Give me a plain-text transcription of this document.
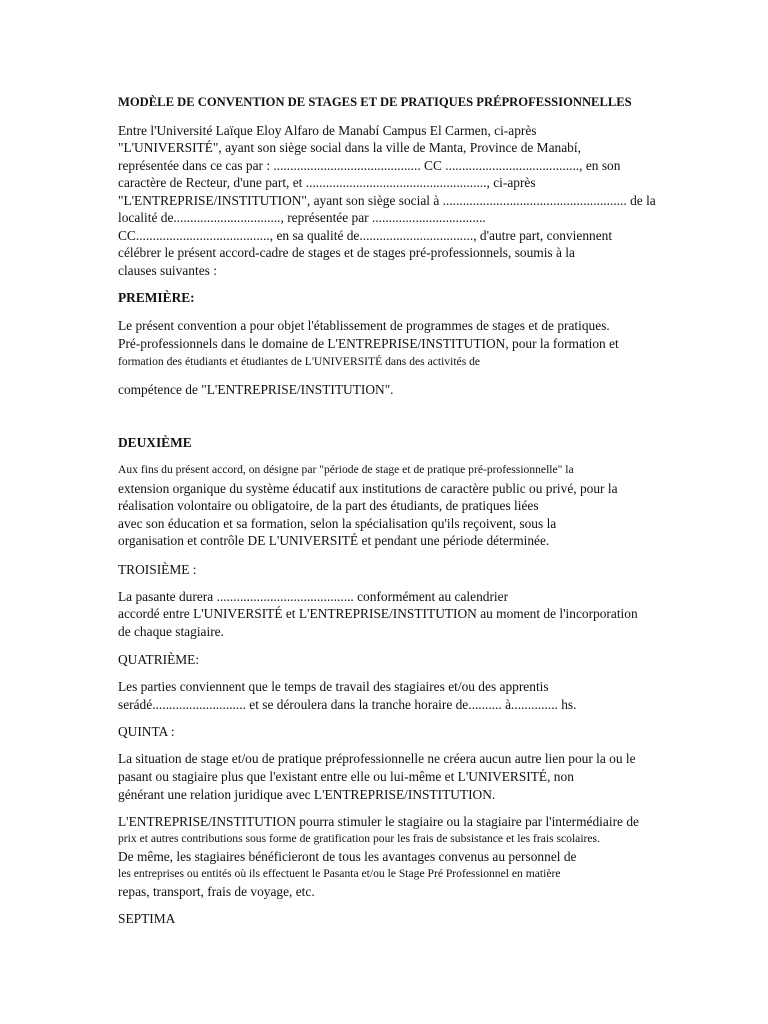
MODÈLE DE CONVENTION DE STAGES ET DE PRATIQUES PRÉPROFESSIONNELLES
Entre l'Université Laïque Eloy Alfaro de Manabí Campus El Carmen, ci-après
"L'UNIVERSITÉ", ayant son siège social dans la ville de Manta, Province de Manabí,
représentée dans ce cas par : ............................................ CC ........................................, en son
caractère de Recteur, d'une part, et ......................................................, ci-après
"L'ENTREPRISE/INSTITUTION", ayant son siège social à ....................................................... de la
localité de................................, représentée par ..................................
CC........................................, en sa qualité de.................................., d'autre part, conviennent
célébrer le présent accord-cadre de stages et de stages pré-professionnels, soumis à la
clauses suivantes :
PREMIÈRE:
Le présent convention a pour objet l'établissement de programmes de stages et de pratiques.
Pré-professionnels dans le domaine de L'ENTREPRISE/INSTITUTION, pour la formation et
formation des étudiants et étudiantes de L'UNIVERSITÉ dans des activités de
compétence de "L'ENTREPRISE/INSTITUTION".
DEUXIÈME
Aux fins du présent accord, on désigne par "période de stage et de pratique pré-professionnelle" la
extension organique du système éducatif aux institutions de caractère public ou privé, pour la
réalisation volontaire ou obligatoire, de la part des étudiants, de pratiques liées
avec son éducation et sa formation, selon la spécialisation qu'ils reçoivent, sous la
organisation et contrôle DE L'UNIVERSITÉ et pendant une période déterminée.
TROISIÈME :
La pasante durera ......................................... conformément au calendrier
accordé entre L'UNIVERSITÉ et L'ENTREPRISE/INSTITUTION au moment de l'incorporation
de chaque stagiaire.
QUATRIÈME:
Les parties conviennent que le temps de travail des stagiaires et/ou des apprentis
serádé............................ et se déroulera dans la tranche horaire de.......... à.............. hs.
QUINTA :
La situation de stage et/ou de pratique préprofessionnelle ne créera aucun autre lien pour la ou le
pasant ou stagiaire plus que l'existant entre elle ou lui-même et L'UNIVERSITÉ, non
générant une relation juridique avec L'ENTREPRISE/INSTITUTION.
L'ENTREPRISE/INSTITUTION pourra stimuler le stagiaire ou la stagiaire par l'intermédiaire de
prix et autres contributions sous forme de gratification pour les frais de subsistance et les frais scolaires.
De même, les stagiaires bénéficieront de tous les avantages convenus au personnel de
les entreprises ou entités où ils effectuent le Pasanta et/ou le Stage Pré Professionnel en matière
repas, transport, frais de voyage, etc.
SEPTIMA
